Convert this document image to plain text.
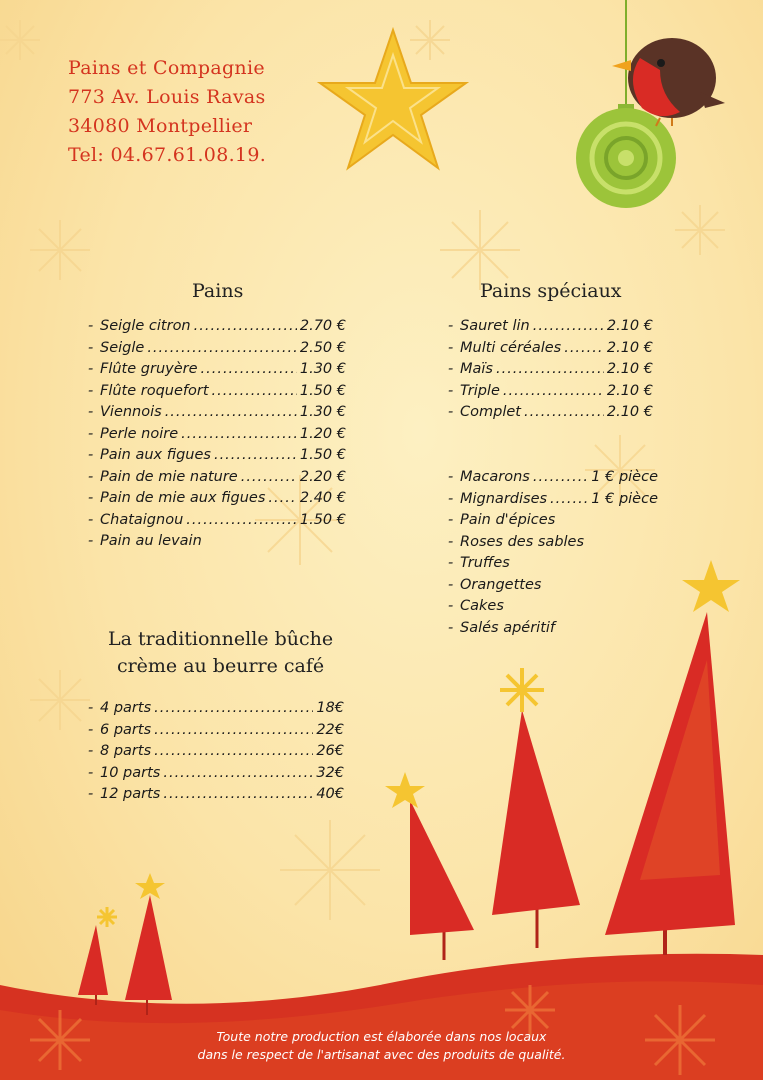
Pains et Compagnie
773 Av. Louis Ravas
34080 Montpellier
Tel: 04.67.61.08.19.
Pains
- Seigle citron .....	2.70 €
- Seigle .....	2.50 €
- Flûte gruyère .....	1.30 €
- Flûte roquefort .....	1.50 €
- Viennois .....	1.30 €
- Perle noire .....	1.20 €
- Pain aux figues .....	1.50 €
- Pain de mie nature .....	2.20 €
- Pain de mie aux figues ..... 2.40 €
- Chataignou .....	1.50 €
- Pain au levain
Pains spéciaux
- Sauret lin .....	2.10 €
- Multi céréales .....	2.10 €
- Maïs .....	2.10 €
- Triple .....	2.10 €
- Complet .....	2.10 €
- Macarons .....	1 € pièce
- Mignardises .....	1 € pièce
- Pain d'épices
- Roses des sables
- Truffes
- Orangettes
- Cakes
- Salés apéritif
La traditionnelle bûche
crème au beurre café
- 4 parts .....	18€
- 6 parts .....	22€
- 8 parts .....	26€
- 10 parts .....	32€
- 12 parts .....	40€
Toute notre production est élaborée dans nos locaux
dans le respect de l'artisanat avec des produits de qualité.
